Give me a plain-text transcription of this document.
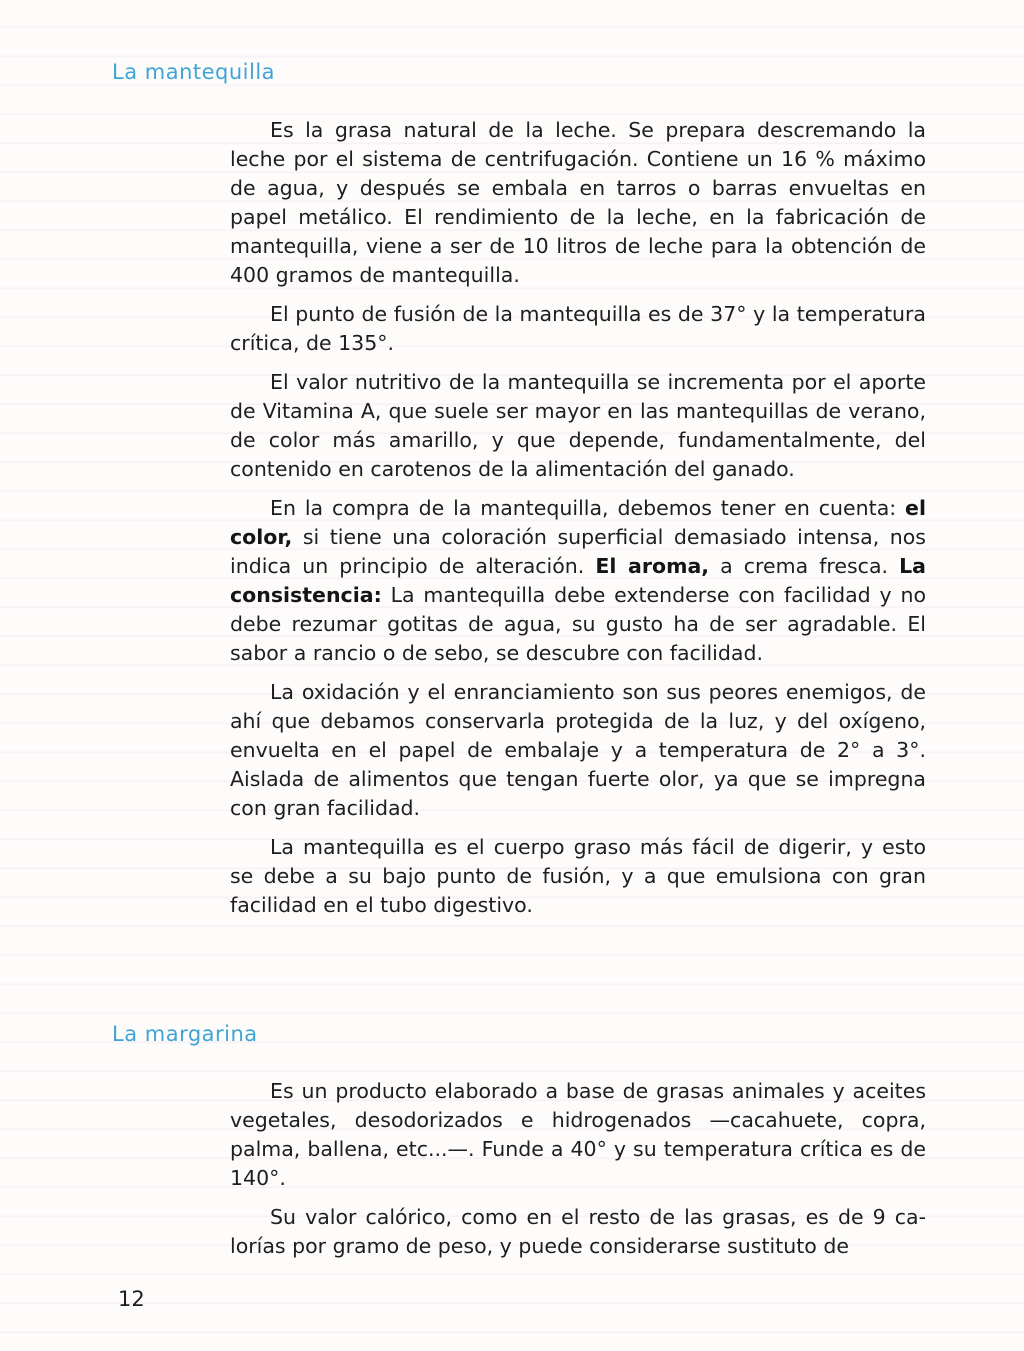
La mantequilla

Es la grasa natural de la leche. Se prepara descremando la leche por el sistema de centrifugación. Contiene un 16 % máximo de agua, y después se embala en tarros o barras envueltas en papel metálico. El rendimiento de la leche, en la fabricación de mantequilla, viene a ser de 10 litros de leche para la obtención de 400 gramos de mantequilla.

El punto de fusión de la mantequilla es de 37° y la temperatura crítica, de 135°.

El valor nutritivo de la mantequilla se incrementa por el aporte de Vitamina A, que suele ser mayor en las mantequillas de verano, de color más amarillo, y que depende, fundamentalmente, del contenido en carotenos de la alimentación del ganado.

En la compra de la mantequilla, debemos tener en cuenta: el color, si tiene una coloración superficial demasiado intensa, nos indica un principio de alteración. El aroma, a crema fresca. La consistencia: La mantequilla debe extenderse con facilidad y no debe rezumar gotitas de agua, su gusto ha de ser agradable. El sabor a rancio o de sebo, se descubre con facilidad.

La oxidación y el enranciamiento son sus peores enemigos, de ahí que debamos conservarla protegida de la luz, y del oxígeno, envuelta en el papel de embalaje y a temperatura de 2° a 3°. Aislada de alimentos que tengan fuerte olor, ya que se impregna con gran facilidad.

La mantequilla es el cuerpo graso más fácil de digerir, y esto se debe a su bajo punto de fusión, y a que emulsiona con gran facilidad en el tubo digestivo.

La margarina

Es un producto elaborado a base de grasas animales y aceites vegetales, desodorizados e hidrogenados —cacahuete, copra, palma, ballena, etc...—. Funde a 40° y su temperatura crítica es de 140°.

Su valor calórico, como en el resto de las grasas, es de 9 calorías por gramo de peso, y puede considerarse sustituto de

12
